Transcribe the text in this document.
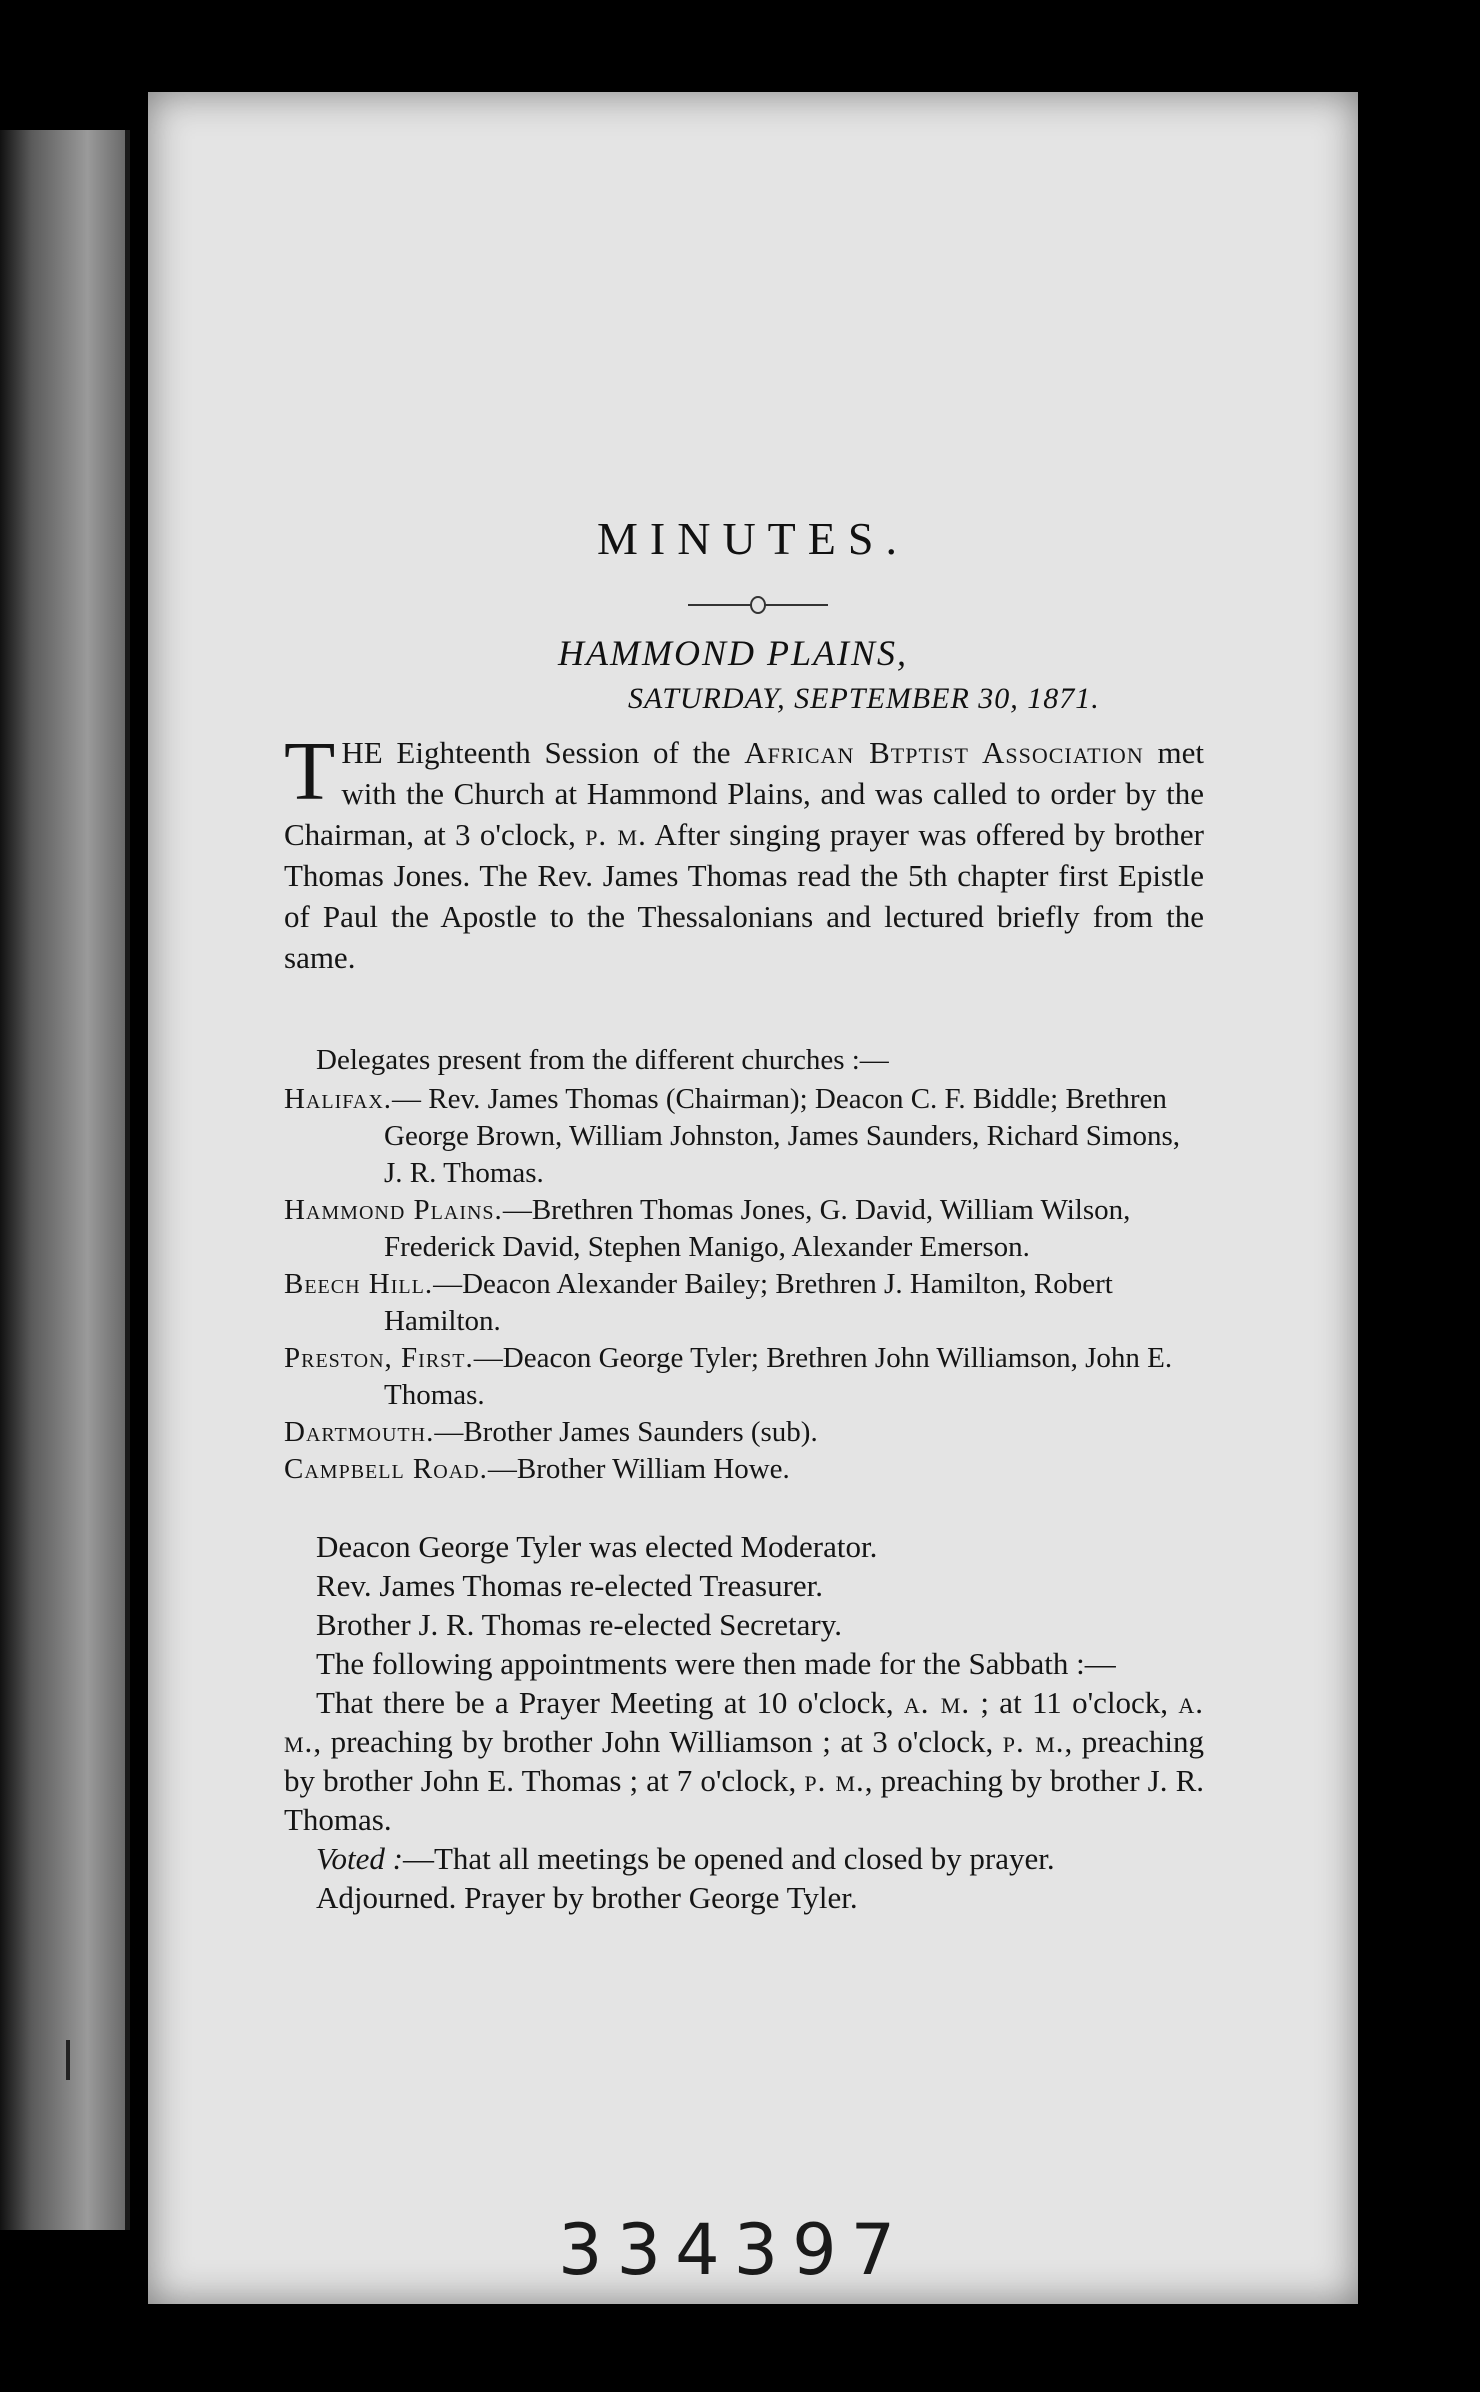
MINUTES.
HAMMOND PLAINS,
SATURDAY, SEPTEMBER 30, 1871.
THE Eighteenth Session of the African Btptist Association met with the Church at Hammond Plains, and was called to order by the Chairman, at 3 o'clock, p. m. After singing prayer was offered by brother Thomas Jones. The Rev. James Thomas read the 5th chapter first Epistle of Paul the Apostle to the Thessalonians and lectured briefly from the same.
Delegates present from the different churches :—

Halifax.— Rev. James Thomas (Chairman); Deacon C. F. Biddle; Brethren George Brown, William Johnston, James Saunders, Richard Simons, J. R. Thomas.

Hammond Plains.—Brethren Thomas Jones, G. David, William Wilson, Frederick David, Stephen Manigo, Alexander Emerson.

Beech Hill.—Deacon Alexander Bailey; Brethren J. Hamilton, Robert Hamilton.

Preston, First.—Deacon George Tyler; Brethren John Williamson, John E. Thomas.

Dartmouth.—Brother James Saunders (sub).

Campbell Road.—Brother William Howe.

Deacon George Tyler was elected Moderator.

Rev. James Thomas re-elected Treasurer.

Brother J. R. Thomas re-elected Secretary.

The following appointments were then made for the Sabbath :—

That there be a Prayer Meeting at 10 o'clock, a. m. ; at 11 o'clock, a. m., preaching by brother John Williamson ; at 3 o'clock, p. m., preaching by brother John E. Thomas ; at 7 o'clock, p. m., preaching by brother J. R. Thomas.

Voted :—That all meetings be opened and closed by prayer.

Adjourned. Prayer by brother George Tyler.

334397
